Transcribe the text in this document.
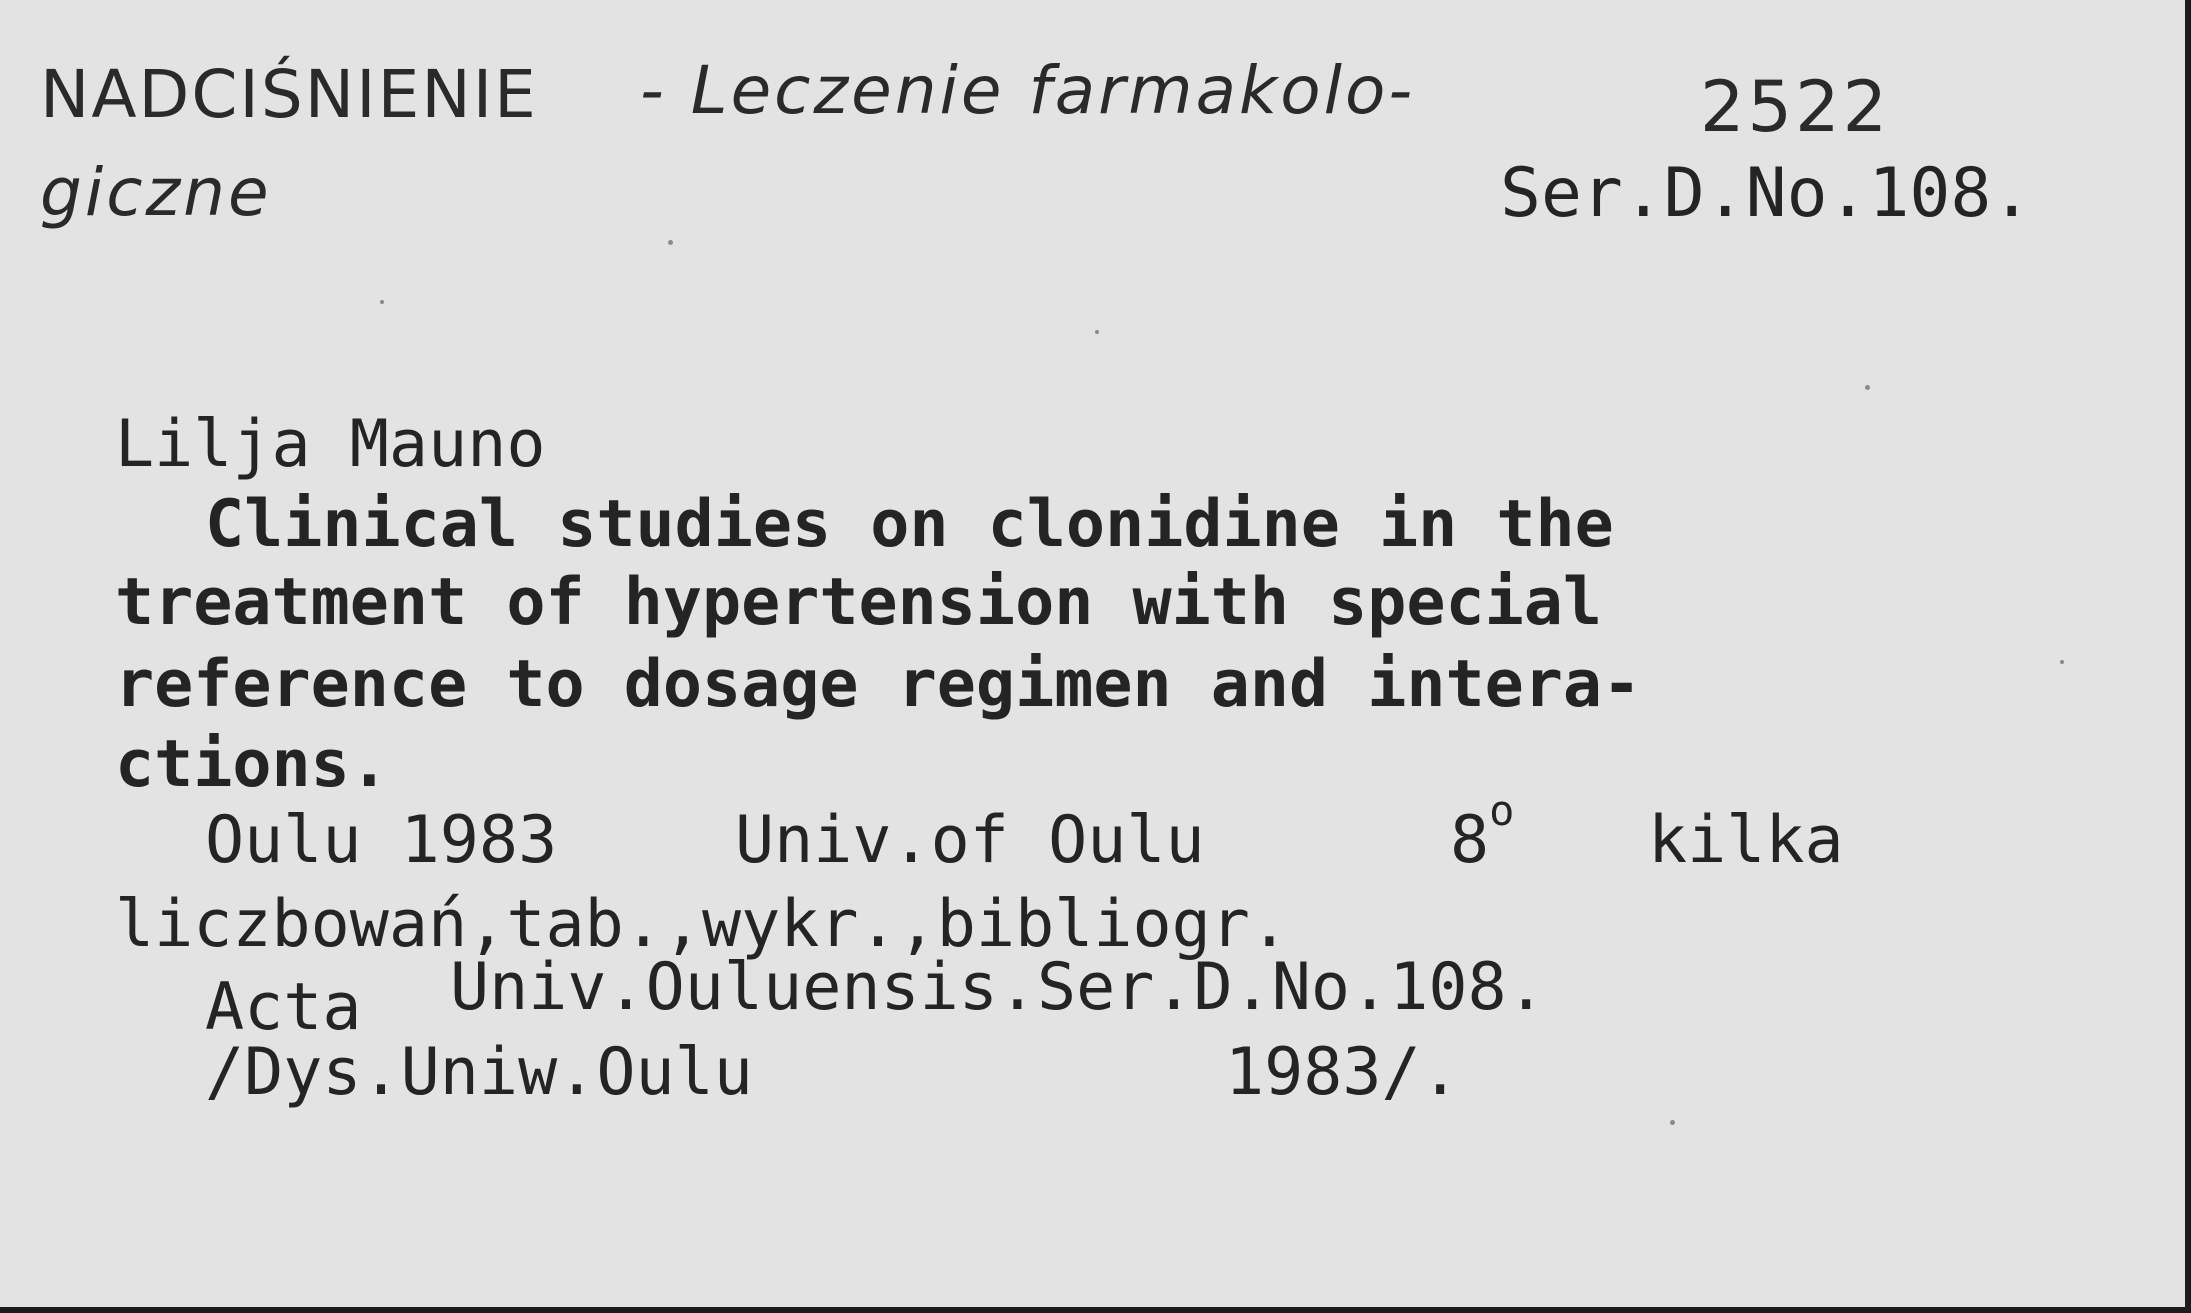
NADCIŚNIENIE - Leczenie farmakolo-
giczne
2522
Ser.D.No.108.
Lilja Mauno
Clinical studies on clonidine in the
treatment of hypertension with special
reference to dosage regimen and intera-
ctions.
Oulu 1983	Univ.of Oulu	8$^o$ kilka
liczbowań,tab.,wykr.,bibliogr.
Acta Univ.Ouluensis.Ser.D.No.108.
/Dys.Uniw.Oulu	1983/.
